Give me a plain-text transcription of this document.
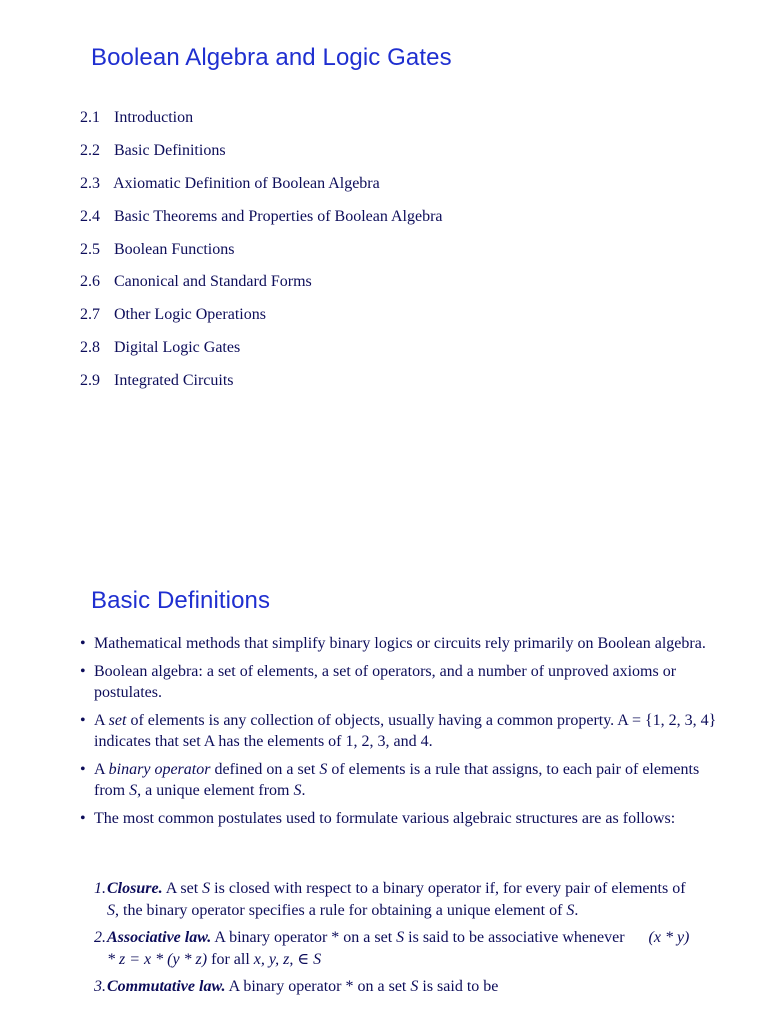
Boolean Algebra and Logic Gates
2.1 Introduction
2.2 Basic Definitions
2.3 Axiomatic Definition of Boolean Algebra
2.4 Basic Theorems and Properties of Boolean Algebra
2.5 Boolean Functions
2.6 Canonical and Standard Forms
2.7 Other Logic Operations
2.8 Digital Logic Gates
2.9 Integrated Circuits
Basic Definitions
• Mathematical methods that simplify binary logics or circuits rely primarily on Boolean algebra.
• Boolean algebra: a set of elements, a set of operators, and a number of unproved axioms or postulates.
• A set of elements is any collection of objects, usually having a common property. A = {1, 2, 3, 4} indicates that set A has the elements of 1, 2, 3, and 4.
• A binary operator defined on a set S of elements is a rule that assigns, to each pair of elements from S, a unique element from S.
• The most common postulates used to formulate various algebraic structures are as follows:
1. Closure. A set S is closed with respect to a binary operator if, for every pair of elements of S, the binary operator specifies a rule for obtaining a unique element of S.
2. Associative law. A binary operator * on a set S is said to be associative whenever (x * y) * z = x * (y * z) for all x, y, z, ∈ S
3. Commutative law. A binary operator * on a set S is said to be
